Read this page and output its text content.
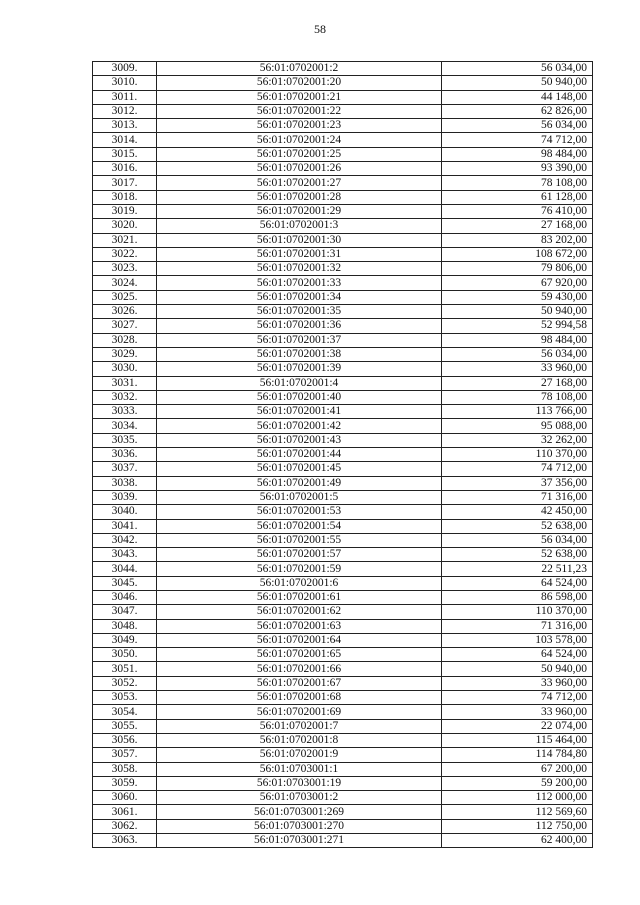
58
3009.	56:01:0702001:2	56 034,00
3010.	56:01:0702001:20	50 940,00
3011.	56:01:0702001:21	44 148,00
3012.	56:01:0702001:22	62 826,00
3013.	56:01:0702001:23	56 034,00
3014.	56:01:0702001:24	74 712,00
3015.	56:01:0702001:25	98 484,00
3016.	56:01:0702001:26	93 390,00
3017.	56:01:0702001:27	78 108,00
3018.	56:01:0702001:28	61 128,00
3019.	56:01:0702001:29	76 410,00
3020.	56:01:0702001:3	27 168,00
3021.	56:01:0702001:30	83 202,00
3022.	56:01:0702001:31	108 672,00
3023.	56:01:0702001:32	79 806,00
3024.	56:01:0702001:33	67 920,00
3025.	56:01:0702001:34	59 430,00
3026.	56:01:0702001:35	50 940,00
3027.	56:01:0702001:36	52 994,58
3028.	56:01:0702001:37	98 484,00
3029.	56:01:0702001:38	56 034,00
3030.	56:01:0702001:39	33 960,00
3031.	56:01:0702001:4	27 168,00
3032.	56:01:0702001:40	78 108,00
3033.	56:01:0702001:41	113 766,00
3034.	56:01:0702001:42	95 088,00
3035.	56:01:0702001:43	32 262,00
3036.	56:01:0702001:44	110 370,00
3037.	56:01:0702001:45	74 712,00
3038.	56:01:0702001:49	37 356,00
3039.	56:01:0702001:5	71 316,00
3040.	56:01:0702001:53	42 450,00
3041.	56:01:0702001:54	52 638,00
3042.	56:01:0702001:55	56 034,00
3043.	56:01:0702001:57	52 638,00
3044.	56:01:0702001:59	22 511,23
3045.	56:01:0702001:6	64 524,00
3046.	56:01:0702001:61	86 598,00
3047.	56:01:0702001:62	110 370,00
3048.	56:01:0702001:63	71 316,00
3049.	56:01:0702001:64	103 578,00
3050.	56:01:0702001:65	64 524,00
3051.	56:01:0702001:66	50 940,00
3052.	56:01:0702001:67	33 960,00
3053.	56:01:0702001:68	74 712,00
3054.	56:01:0702001:69	33 960,00
3055.	56:01:0702001:7	22 074,00
3056.	56:01:0702001:8	115 464,00
3057.	56:01:0702001:9	114 784,80
3058.	56:01:0703001:1	67 200,00
3059.	56:01:0703001:19	59 200,00
3060.	56:01:0703001:2	112 000,00
3061.	56:01:0703001:269	112 569,60
3062.	56:01:0703001:270	112 750,00
3063.	56:01:0703001:271	62 400,00
